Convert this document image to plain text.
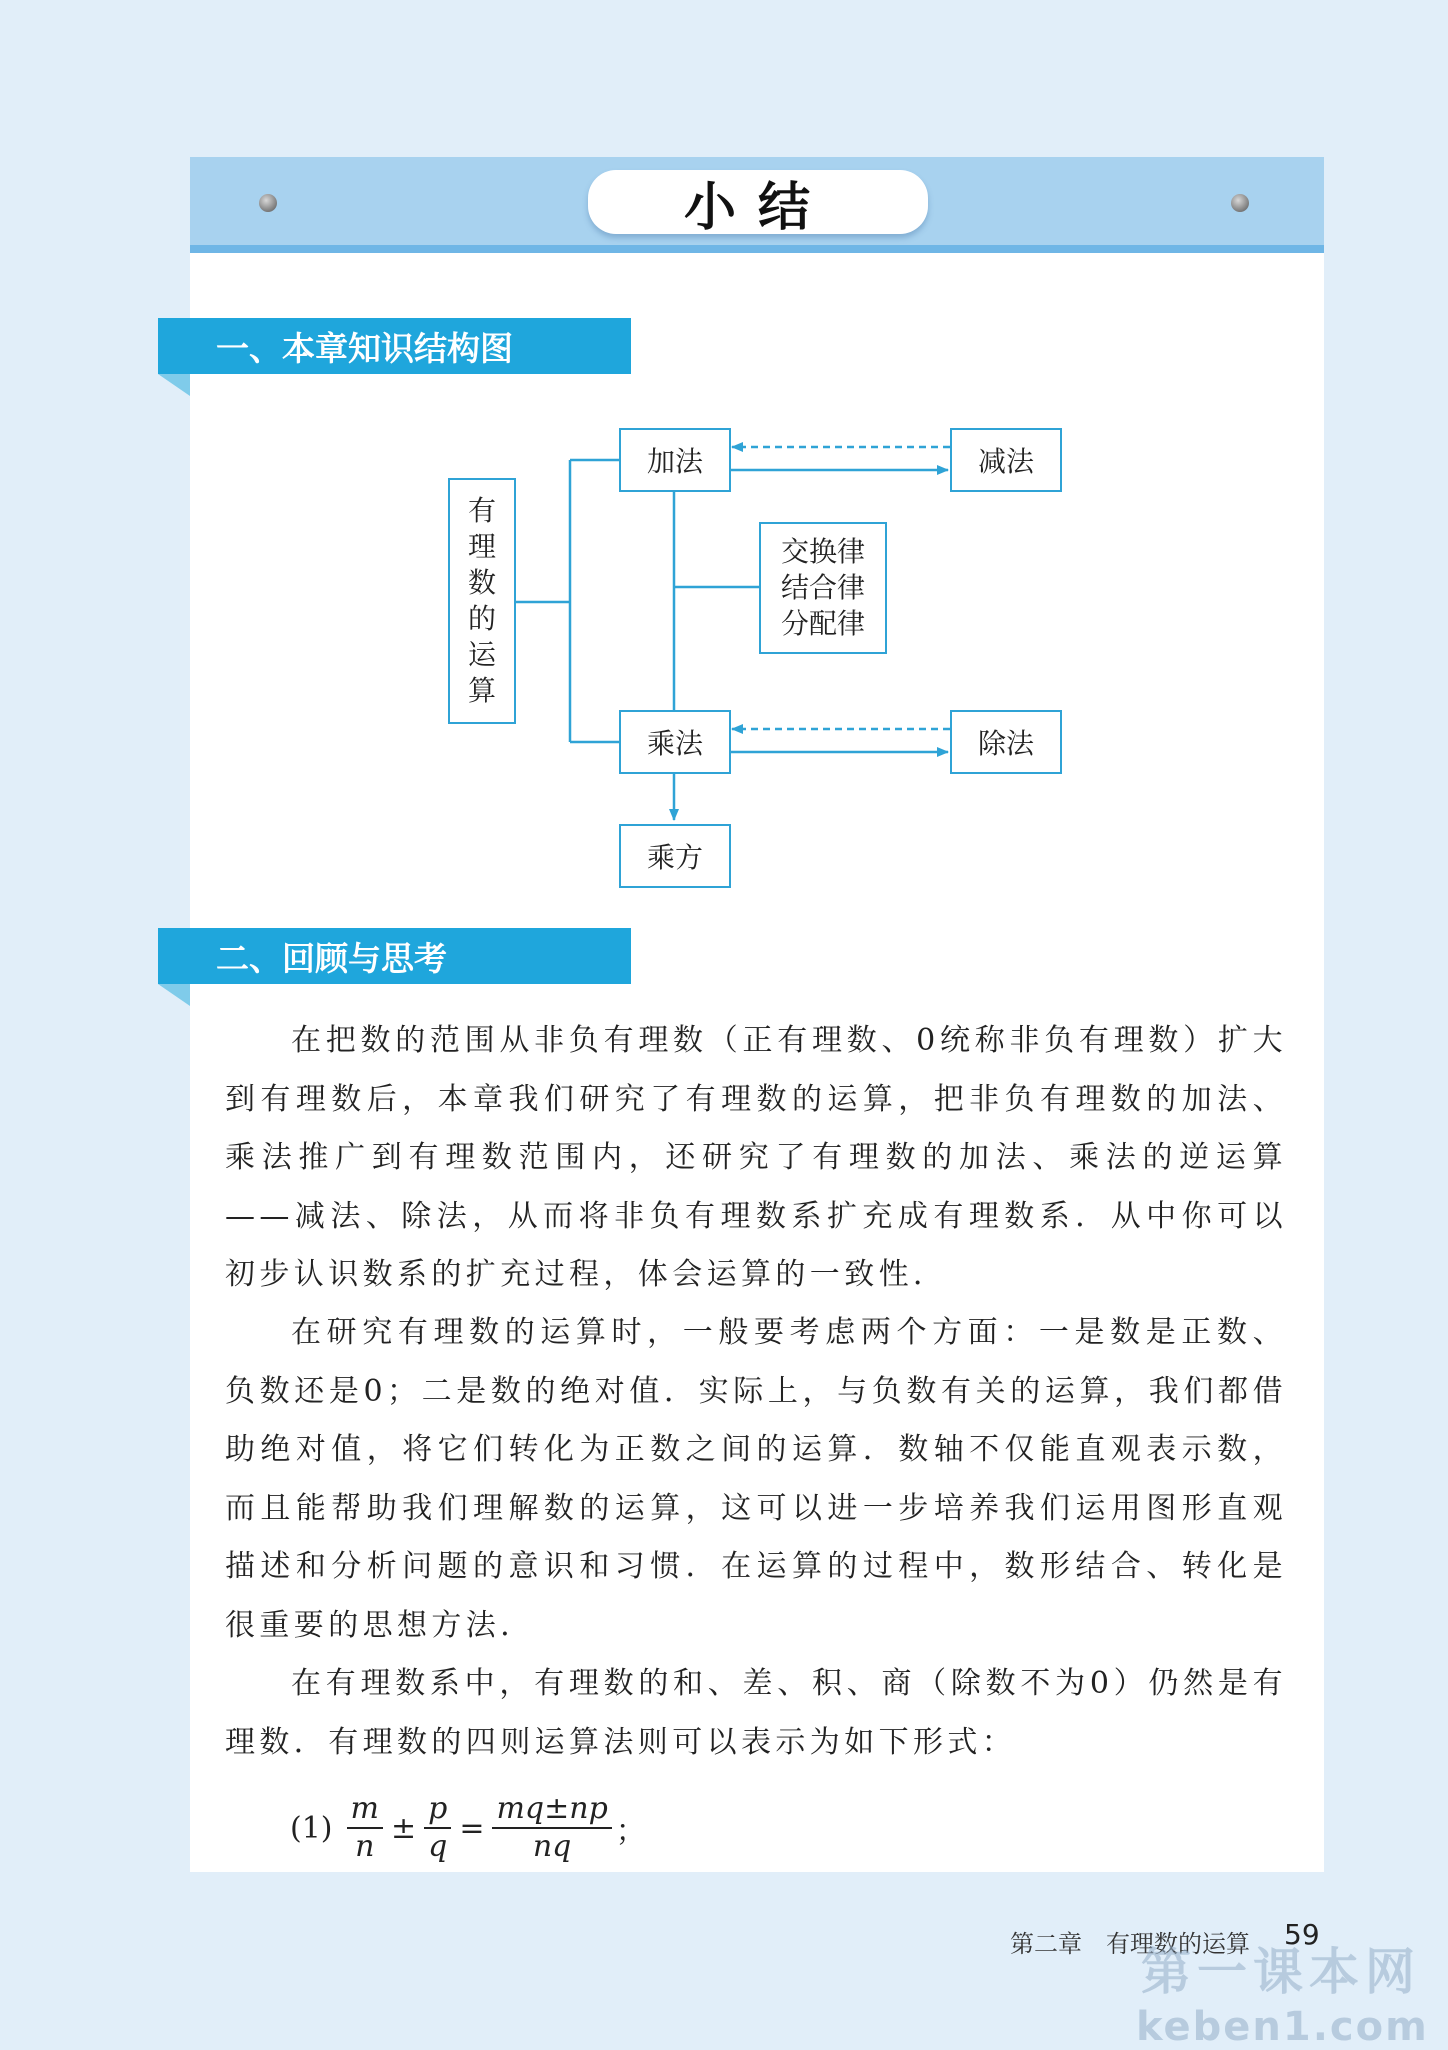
小结
一、本章知识结构图
有
理
数
的
运
算
加法	减法
交换律
结合律
分配律
乘法	除法
乘方
二、回顾与思考

在把数的范围从非负有理数（正有理数、0统称非负有理数）扩大到有理数后，本章我们研究了有理数的运算，把非负有理数的加法、乘法推广到有理数范围内，还研究了有理数的加法、乘法的逆运算——减法、除法，从而将非负有理数系扩充成有理数系．从中你可以初步认识数系的扩充过程，体会运算的一致性．

在研究有理数的运算时，一般要考虑两个方面：一是数是正数、负数还是0；二是数的绝对值．实际上，与负数有关的运算，我们都借助绝对值，将它们转化为正数之间的运算．数轴不仅能直观表示数，而且能帮助我们理解数的运算，这可以进一步培养我们运用图形直观描述和分析问题的意识和习惯．在运算的过程中，数形结合、转化是很重要的思想方法．

在有理数系中，有理数的和、差、积、商（除数不为0）仍然是有理数．有理数的四则运算法则可以表示为如下形式：

$(1) \frac{m}{n} \pm \frac{p}{q} = \frac{mq\pm np}{nq}$ ；
第二章　有理数的运算 59
第一课本网
keben1.com
